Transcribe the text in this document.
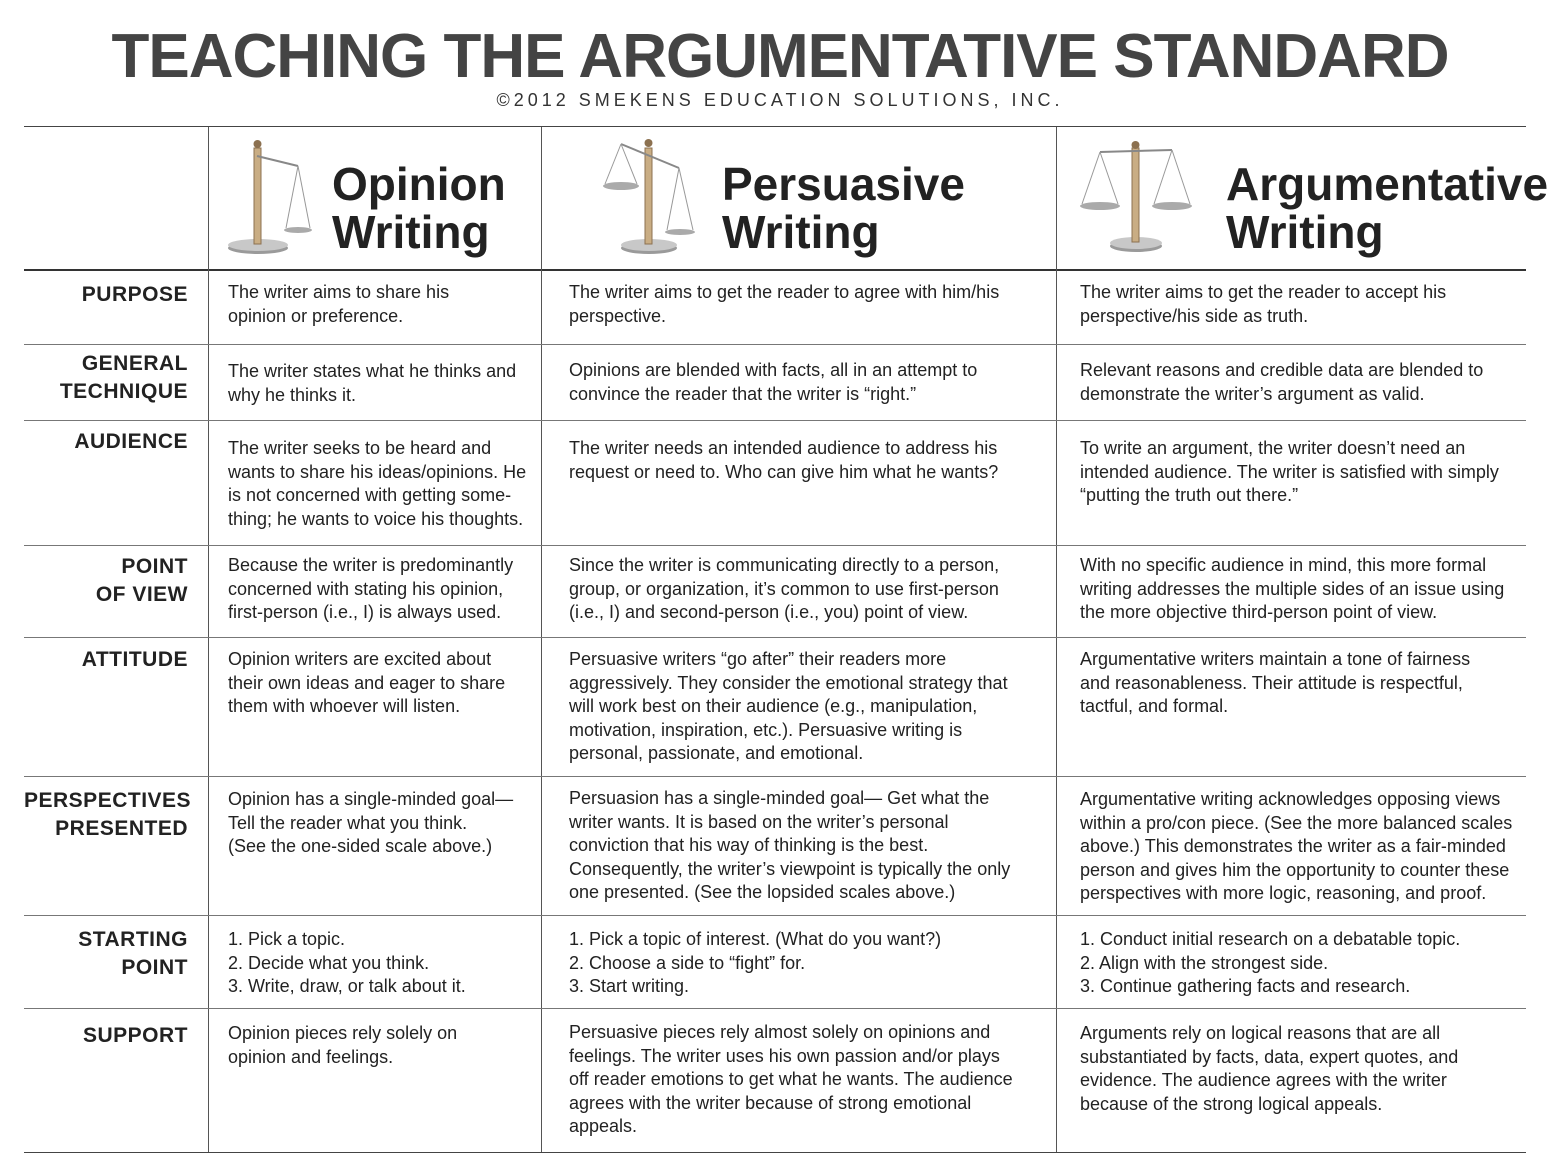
TEACHING THE ARGUMENTATIVE STANDARD
©2012 SMEKENS EDUCATION SOLUTIONS, INC.
Opinion
Writing
Persuasive
Writing
Argumentative
Writing
PURPOSE The writer aims to share his

opinion or preference.

The writer aims to get the reader to agree with him/his

perspective.

The writer aims to get the reader to accept his

perspective/his side as truth.

GENERAL
TECHNIQUE

The writer states what he thinks and

why he thinks it.

Opinions are blended with facts, all in an attempt to

convince the reader that the writer is “right.”

Relevant reasons and credible data are blended to

demonstrate the writer’s argument as valid.

AUDIENCE The writer seeks to be heard and

wants to share his ideas/opinions. He

is not concerned with getting some-

thing; he wants to voice his thoughts.

The writer needs an intended audience to address his

request or need to. Who can give him what he wants?

To write an argument, the writer doesn’t need an

intended audience. The writer is satisfied with simply

“putting the truth out there.”

POINT
OF VIEW

Because the writer is predominantly

concerned with stating his opinion,

first-person (i.e., I) is always used.

Since the writer is communicating directly to a person,

group, or organization, it’s common to use first-person

(i.e., I) and second-person (i.e., you) point of view.

With no specific audience in mind, this more formal

writing addresses the multiple sides of an issue using

the more objective third-person point of view.

ATTITUDE Opinion writers are excited about

their own ideas and eager to share

them with whoever will listen.

Persuasive writers “go after” their readers more

aggressively. They consider the emotional strategy that

will work best on their audience (e.g., manipulation,

motivation, inspiration, etc.). Persuasive writing is

personal, passionate, and emotional.

Argumentative writers maintain a tone of fairness

and reasonableness. Their attitude is respectful,

tactful, and formal.

PERSPECTIVES
PRESENTED

Opinion has a single-minded goal—

Tell the reader what you think.

(See the one-sided scale above.)

Persuasion has a single-minded goal— Get what the

writer wants. It is based on the writer’s personal

conviction that his way of thinking is the best.

Consequently, the writer’s viewpoint is typically the only

one presented. (See the lopsided scales above.)

Argumentative writing acknowledges opposing views

within a pro/con piece. (See the more balanced scales

above.) This demonstrates the writer as a fair-minded

person and gives him the opportunity to counter these

perspectives with more logic, reasoning, and proof.

STARTING
POINT

1. Pick a topic.

2. Decide what you think.

3. Write, draw, or talk about it.

1. Pick a topic of interest. (What do you want?)

2. Choose a side to “fight” for.

3. Start writing.

1. Conduct initial research on a debatable topic.

2. Align with the strongest side.

3. Continue gathering facts and research.

SUPPORT Opinion pieces rely solely on

opinion and feelings.

Persuasive pieces rely almost solely on opinions and

feelings. The writer uses his own passion and/or plays

off reader emotions to get what he wants. The audience

agrees with the writer because of strong emotional

appeals.

Arguments rely on logical reasons that are all

substantiated by facts, data, expert quotes, and

evidence. The audience agrees with the writer

because of the strong logical appeals.
